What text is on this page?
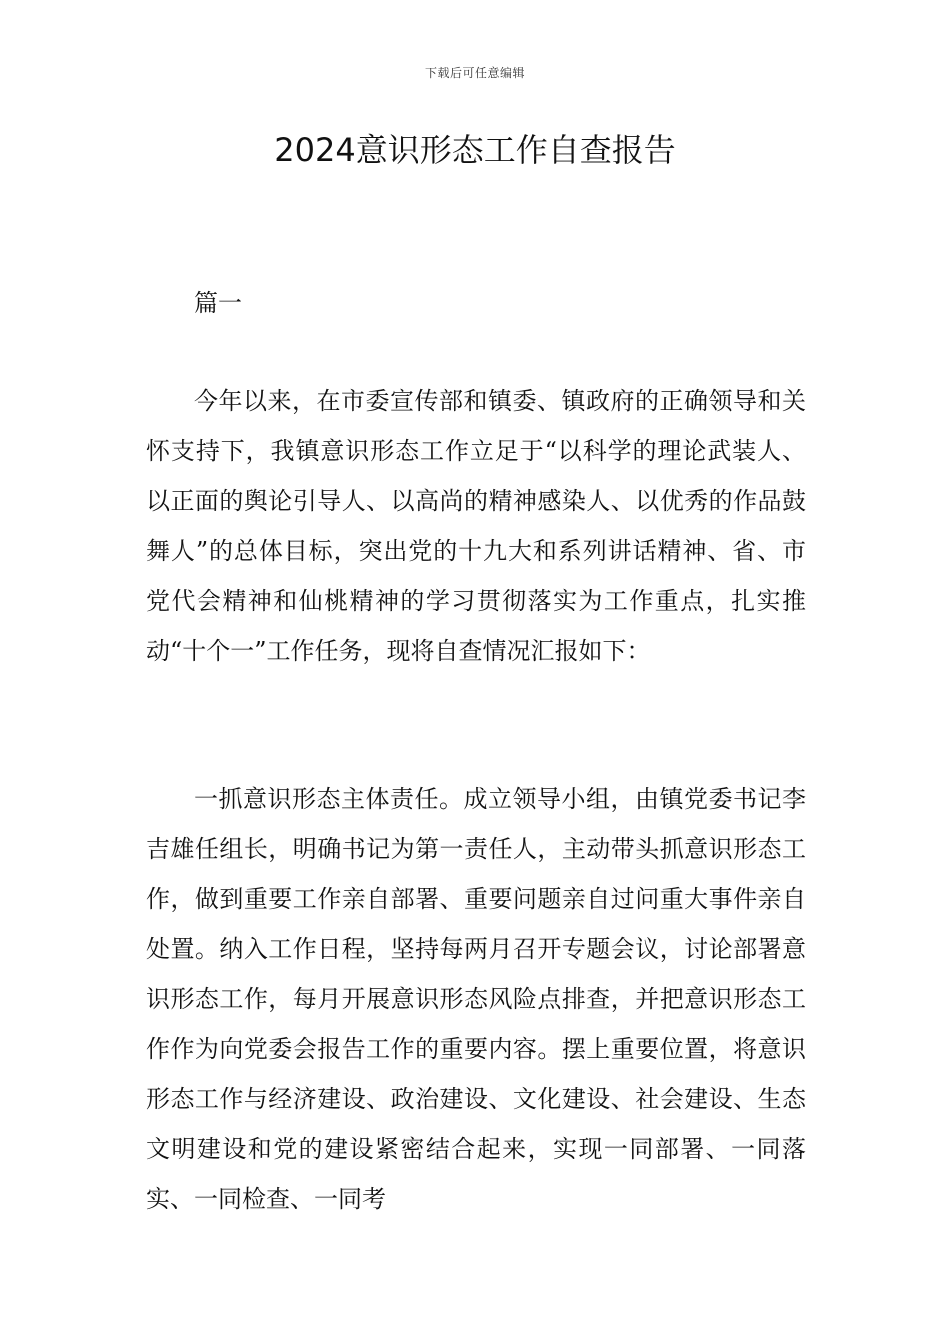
下载后可任意编辑
2024意识形态工作自查报告

篇一

今年以来，在市委宣传部和镇委、镇政府的正确领导和关怀支持下，我镇意识形态工作立足于“以科学的理论武装人、以正面的舆论引导人、以高尚的精神感染人、以优秀的作品鼓舞人”的总体目标，突出党的十九大和系列讲话精神、省、市党代会精神和仙桃精神的学习贯彻落实为工作重点，扎实推动“十个一”工作任务，现将自查情况汇报如下：

一抓意识形态主体责任。成立领导小组，由镇党委书记李吉雄任组长，明确书记为第一责任人，主动带头抓意识形态工作，做到重要工作亲自部署、重要问题亲自过问重大事件亲自处置。纳入工作日程，坚持每两月召开专题会议，讨论部署意识形态工作，每月开展意识形态风险点排查，并把意识形态工作作为向党委会报告工作的重要内容。摆上重要位置，将意识形态工作与经济建设、政治建设、文化建设、社会建设、生态文明建设和党的建设紧密结合起来，实现一同部署、一同落实、一同检查、一同考
